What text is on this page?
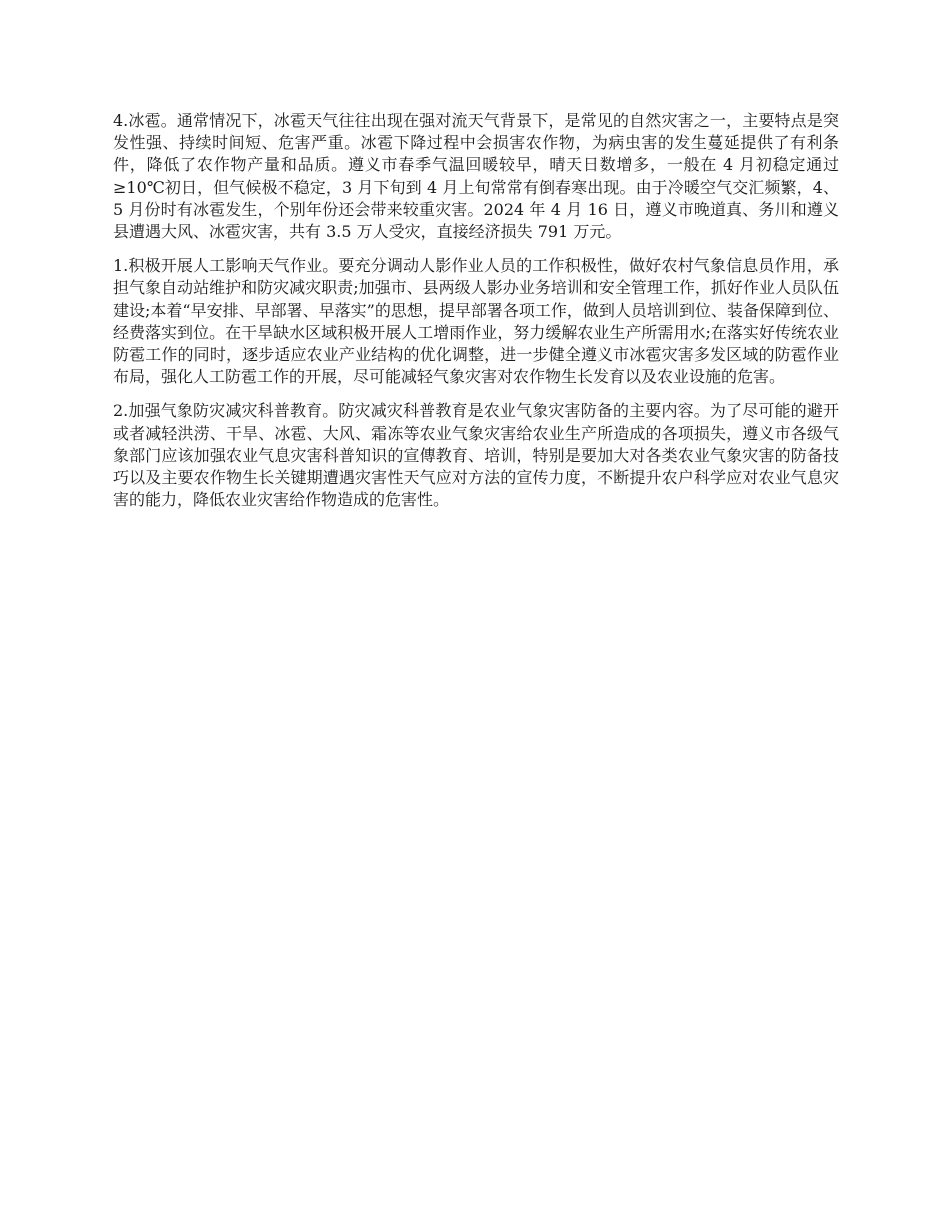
4.冰雹。通常情况下，冰雹天气往往出现在强对流天气背景下，是常见的自然灾害之一，主要特点是突发性强、持续时间短、危害严重。冰雹下降过程中会损害农作物，为病虫害的发生蔓延提供了有利条件，降低了农作物产量和品质。遵义市春季气温回暖较早，晴天日数增多，一般在 4 月初稳定通过≥10℃初日，但气候极不稳定，3 月下旬到 4 月上旬常常有倒春寒出现。由于冷暖空气交汇频繁，4、5 月份时有冰雹发生，个别年份还会带来较重灾害。2024 年 4 月 16 日，遵义市晚道真、务川和遵义县遭遇大风、冰雹灾害，共有 3.5 万人受灾，直接经济损失 791 万元。

1.积极开展人工影响天气作业。要充分调动人影作业人员的工作积极性，做好农村气象信息员作用，承担气象自动站维护和防灾减灾职责;加强市、县两级人影办业务培训和安全管理工作，抓好作业人员队伍建设;本着“早安排、早部署、早落实”的思想，提早部署各项工作，做到人员培训到位、装备保障到位、经费落实到位。在干旱缺水区域积极开展人工增雨作业，努力缓解农业生产所需用水;在落实好传统农业防雹工作的同时，逐步适应农业产业结构的优化调整，进一步健全遵义市冰雹灾害多发区域的防雹作业布局，强化人工防雹工作的开展，尽可能减轻气象灾害对农作物生长发育以及农业设施的危害。

2.加强气象防灾减灾科普教育。防灾减灾科普教育是农业气象灾害防备的主要内容。为了尽可能的避开或者减轻洪涝、干旱、冰雹、大风、霜冻等农业气象灾害给农业生产所造成的各项损失，遵义市各级气象部门应该加强农业气息灾害科普知识的宣傳教育、培训，特别是要加大对各类农业气象灾害的防备技巧以及主要农作物生长关键期遭遇灾害性天气应对方法的宣传力度，不断提升农户科学应对农业气息灾害的能力，降低农业灾害给作物造成的危害性。
